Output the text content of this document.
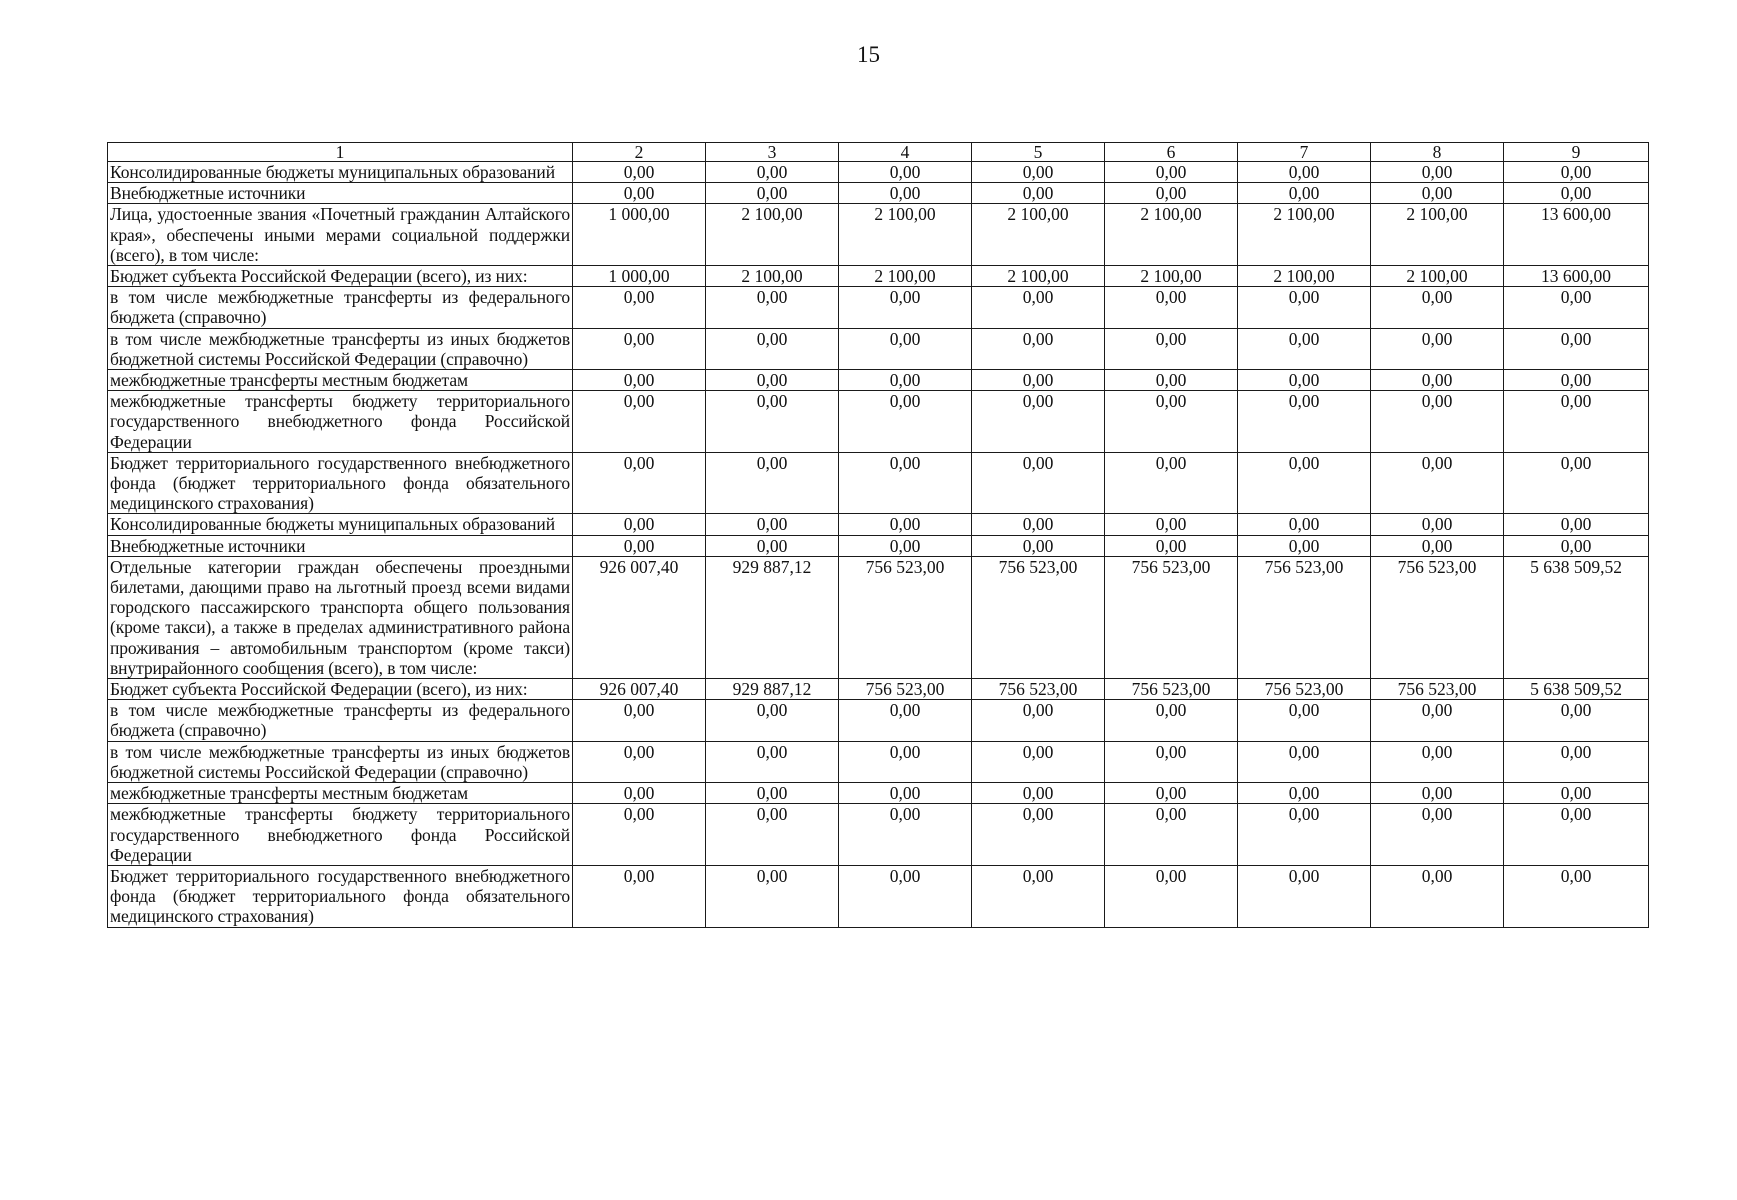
15
1	2	3	4	5	6	7	8	9
Консолидированные бюджеты муниципальных образований	0,00	0,00	0,00	0,00	0,00	0,00	0,00	0,00
Внебюджетные источники	0,00	0,00	0,00	0,00	0,00	0,00	0,00	0,00
Лица, удостоенные звания «Почетный гражданин Алтайского края», обеспечены иными мерами социальной поддержки (всего), в том числе:	1 000,00	2 100,00	2 100,00	2 100,00	2 100,00	2 100,00	2 100,00	13 600,00
Бюджет субъекта Российской Федерации (всего), из них:	1 000,00	2 100,00	2 100,00	2 100,00	2 100,00	2 100,00	2 100,00	13 600,00
в том числе межбюджетные трансферты из федерального бюджета (справочно)	0,00	0,00	0,00	0,00	0,00	0,00	0,00	0,00
в том числе межбюджетные трансферты из иных бюджетов бюджетной системы Российской Федерации (справочно)	0,00	0,00	0,00	0,00	0,00	0,00	0,00	0,00
межбюджетные трансферты местным бюджетам	0,00	0,00	0,00	0,00	0,00	0,00	0,00	0,00
межбюджетные трансферты бюджету территориального государственного внебюджетного фонда Российской Федерации	0,00	0,00	0,00	0,00	0,00	0,00	0,00	0,00
Бюджет территориального государственного внебюджетного фонда (бюджет территориального фонда обязательного медицинского страхования)	0,00	0,00	0,00	0,00	0,00	0,00	0,00	0,00
Консолидированные бюджеты муниципальных образований	0,00	0,00	0,00	0,00	0,00	0,00	0,00	0,00
Внебюджетные источники	0,00	0,00	0,00	0,00	0,00	0,00	0,00	0,00
Отдельные категории граждан обеспечены проездными билетами, дающими право на льготный проезд всеми видами городского пассажирского транспорта общего пользования (кроме такси), а также в пределах административного района проживания – автомобильным транспортом (кроме такси) внутрирайонного сообщения (всего), в том числе:	926 007,40	929 887,12	756 523,00	756 523,00	756 523,00	756 523,00	756 523,00	5 638 509,52
Бюджет субъекта Российской Федерации (всего), из них:	926 007,40	929 887,12	756 523,00	756 523,00	756 523,00	756 523,00	756 523,00	5 638 509,52
в том числе межбюджетные трансферты из федерального бюджета (справочно)	0,00	0,00	0,00	0,00	0,00	0,00	0,00	0,00
в том числе межбюджетные трансферты из иных бюджетов бюджетной системы Российской Федерации (справочно)	0,00	0,00	0,00	0,00	0,00	0,00	0,00	0,00
межбюджетные трансферты местным бюджетам	0,00	0,00	0,00	0,00	0,00	0,00	0,00	0,00
межбюджетные трансферты бюджету территориального государственного внебюджетного фонда Российской Федерации	0,00	0,00	0,00	0,00	0,00	0,00	0,00	0,00
Бюджет территориального государственного внебюджетного фонда (бюджет территориального фонда обязательного медицинского страхования)	0,00	0,00	0,00	0,00	0,00	0,00	0,00	0,00
